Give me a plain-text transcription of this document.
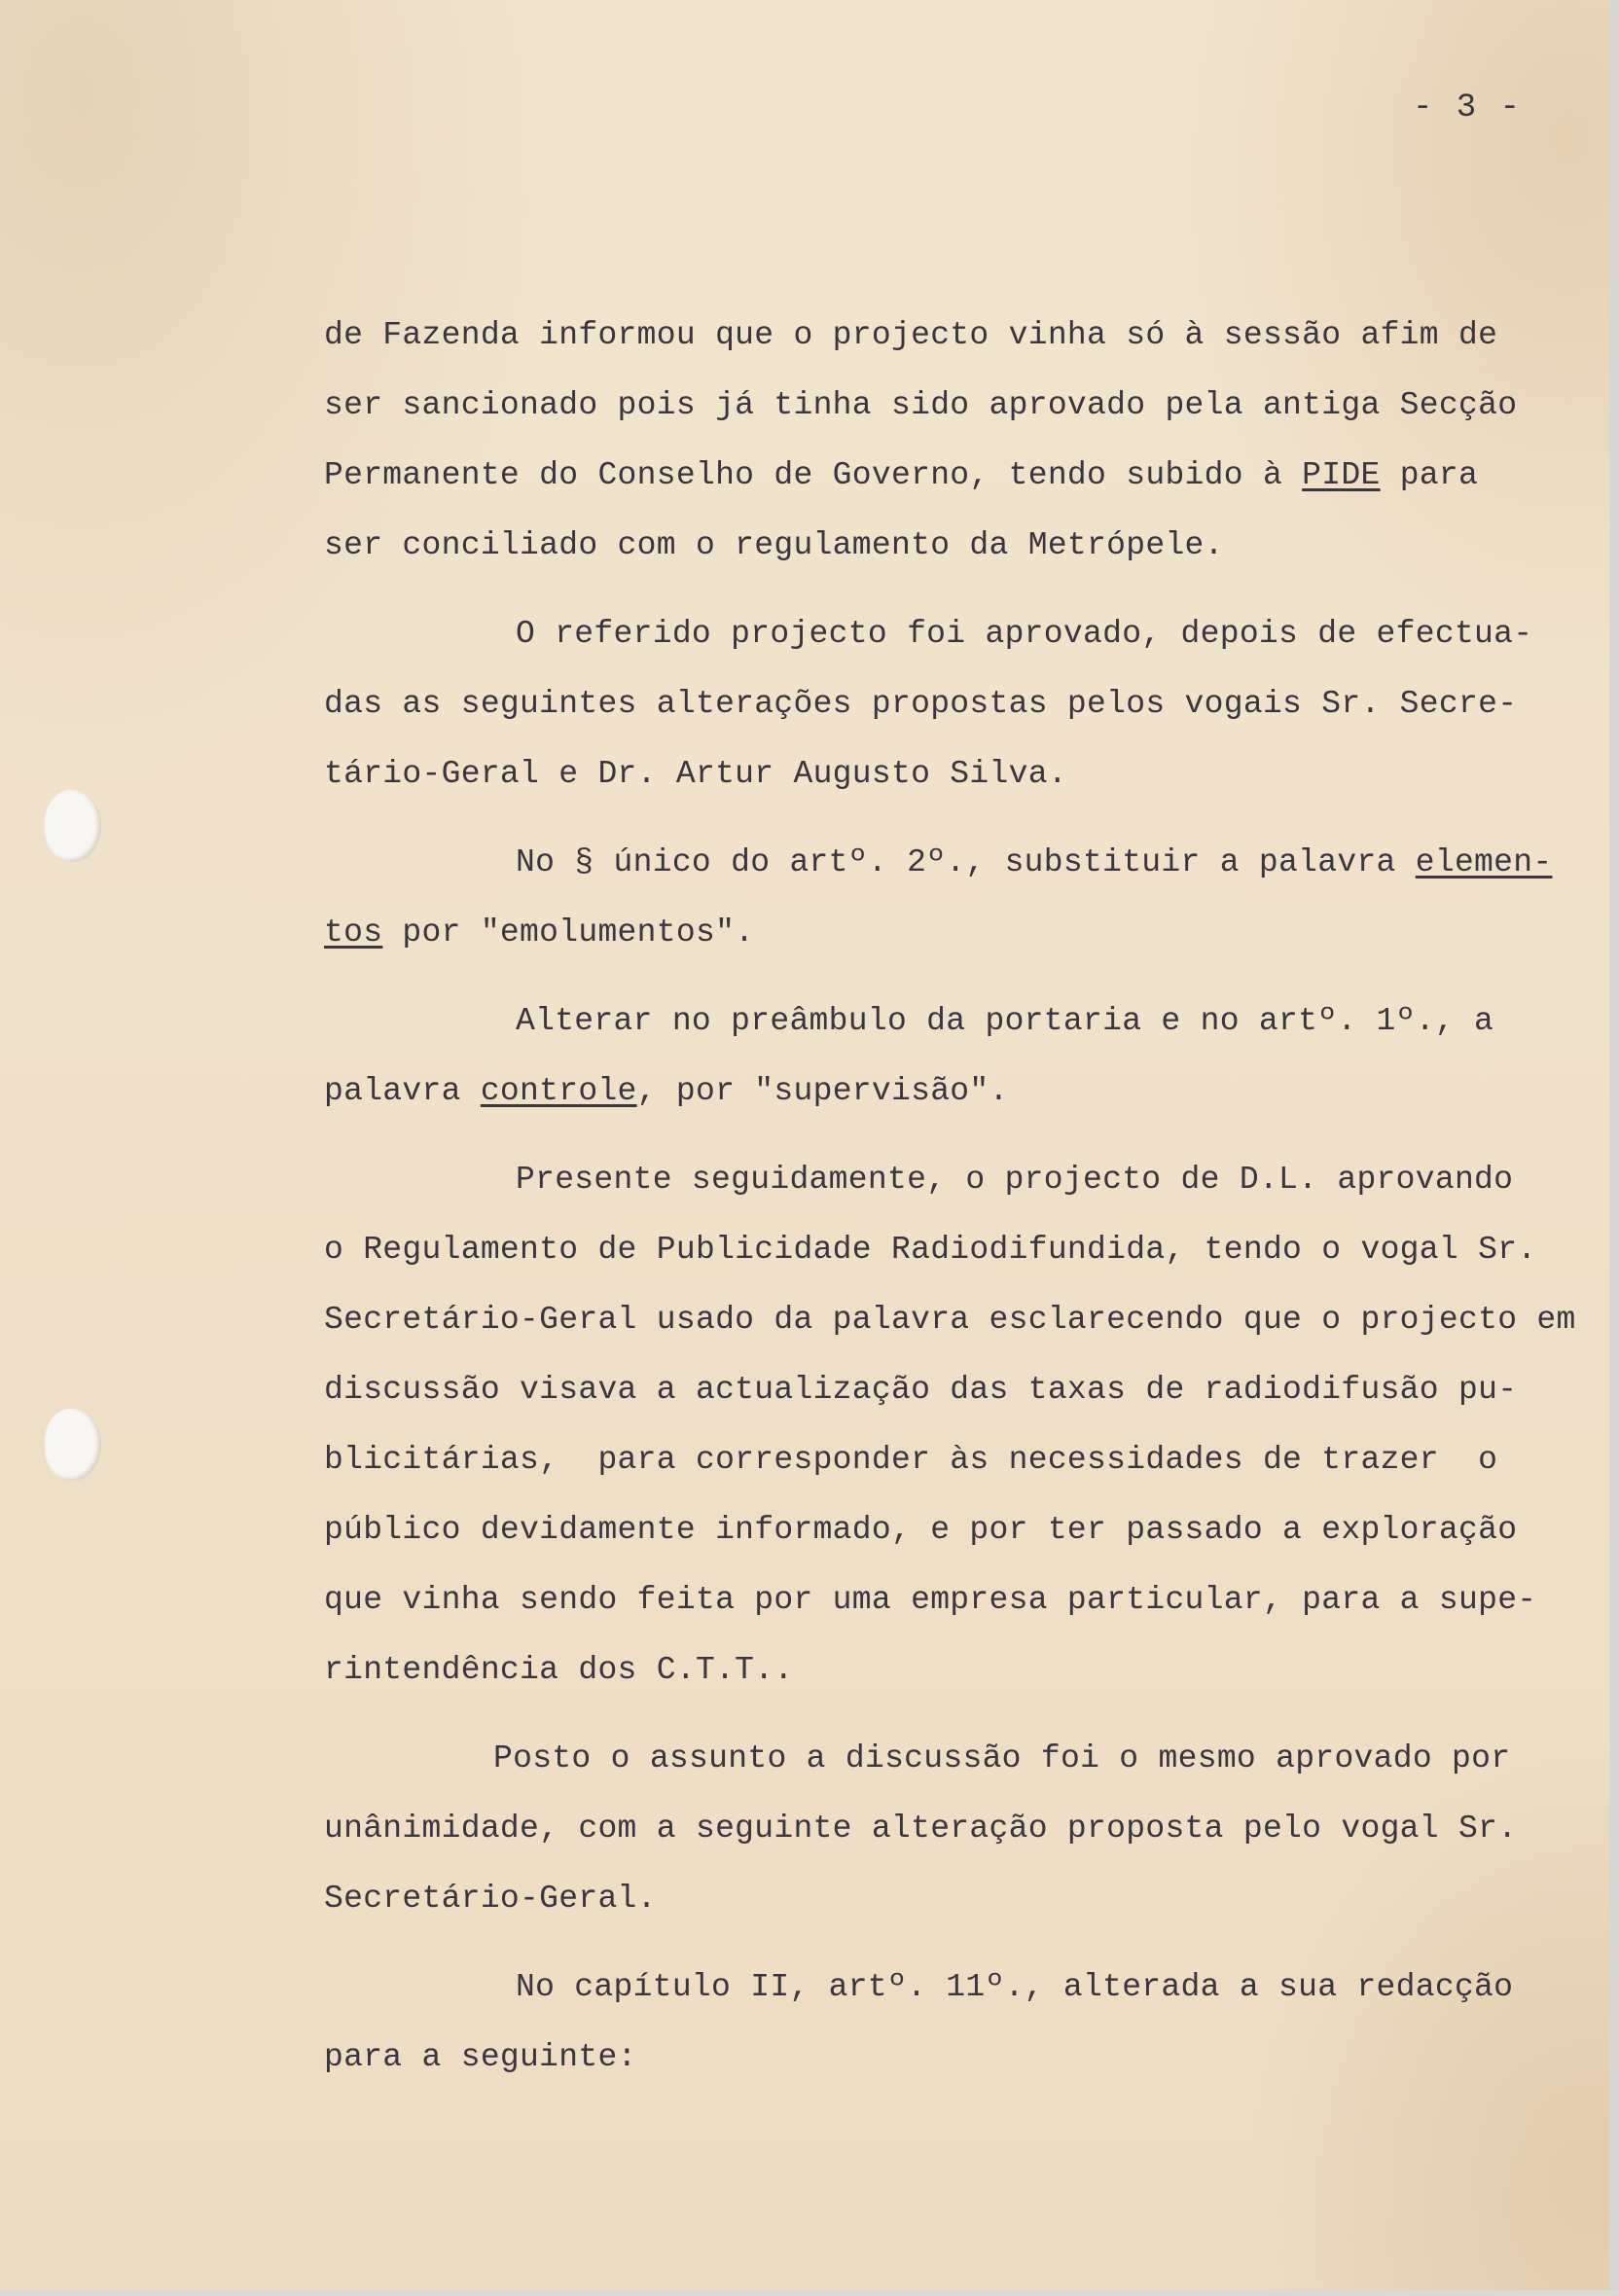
- 3 -
de Fazenda informou que o projecto vinha só à sessão afim de
ser sancionado pois já tinha sido aprovado pela antiga Secção
Permanente do Conselho de Governo, tendo subido à PIDE para
ser conciliado com o regulamento da Metrópele.
O referido projecto foi aprovado, depois de efectua-
das as seguintes alterações propostas pelos vogais Sr. Secre-
tário-Geral e Dr. Artur Augusto Silva.
No § único do artº. 2º., substituir a palavra elemen-
tos por "emolumentos".
Alterar no preâmbulo da portaria e no artº. 1º., a
palavra controle, por "supervisão".
Presente seguidamente, o projecto de D.L. aprovando
o Regulamento de Publicidade Radiodifundida, tendo o vogal Sr.
Secretário-Geral usado da palavra esclarecendo que o projecto em
discussão visava a actualização das taxas de radiodifusão pu-
blicitárias,  para corresponder às necessidades de trazer  o
público devidamente informado, e por ter passado a exploração
que vinha sendo feita por uma empresa particular, para a supe-
rintendência dos C.T.T..
Posto o assunto a discussão foi o mesmo aprovado por
unânimidade, com a seguinte alteração proposta pelo vogal Sr.
Secretário-Geral.
No capítulo II, artº. 11º., alterada a sua redacção
para a seguinte:
